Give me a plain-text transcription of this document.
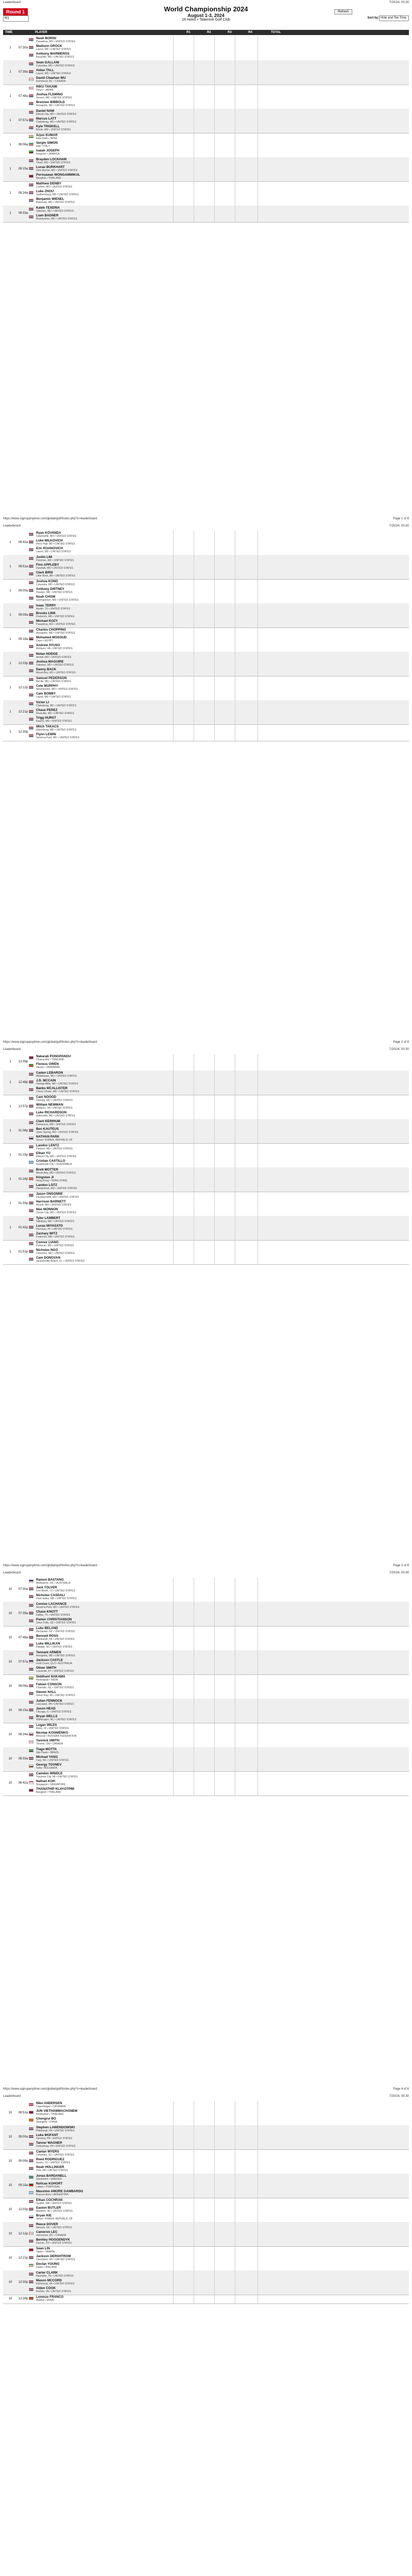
Leaderboard	7/20/24, 00:30
Round 1
R1
World Championship 2024
August 1-3, 2024
18 Holes • Talamore Golf Club
Refresh
Sort by: Hole and Tee Time
TIME	PLAYER	R1	R2	R3	R4	TOTAL
1	07:30a
Noah BORISI
Pasadena, MD • UNITED STATES
Madison GROCK
Laurel, MD • UNITED STATES
Anthony MARMEROS
Rockville, MD • UNITED STATES
1	07:39a
Sean GALLANI
Columbia, MD • UNITED STATES
Aidan TALL
Laurel, MD • UNITED STATES
David Chaehan WU
Richmond, BC • CANADA
1	07:48a
RIKU TAKAMI
Tokyo • JAPAN
Joshua FLEMING
Severn, MD • UNITED STATES
Brennen BIBBOLD
Annapolis, MD • UNITED STATES
1	07:57a
Daniel NAM
Ellicott City, MD • UNITED STATES
Marcus LATT
Clarksburg, MD • UNITED STATES
Kyle TRISKELL
Bowie, MD • UNITED STATES
1	08:06a
Arjun KUMAR
New Delhi • INDIA
Sergio SIMON
Italy • ITALY
Isaiah JOSEPH
Kingston • JAMAICA
1	08:15a
Brayden LOCKHAM
Olney, MD • UNITED STATES
Lucas BURKHART
Glen Burnie, MD • UNITED STATES
Pornsawan WONGAMMIKUL
Bangkok • THAILAND
1	08:24a
Matthew DENBY
Crofton, MD • UNITED STATES
Luke ZHOU
Gaithersburg, MD • UNITED STATES
Benjamin WIENEL
Bethesda, MD • UNITED STATES
1	08:33a
Kaleb TEXERIA
Odenton, MD • UNITED STATES
Liam BADNER
Brandywine, MD • UNITED STATES
https://www.signupanytime.com/global/golf/index.php?c=leaderboard	Page 1 of 6
Leaderboard	7/20/24, 00:30
1	08:42a
Ryan KOVANDA
Catonsville, MD • UNITED STATES
Luke MILKOVICH
Perry Hall, MD • UNITED STATES
Eric ROANOVICH
Laurel, MD • UNITED STATES
1	08:51a
Justin LIM
Potomac, MD • UNITED STATES
Finn APPLEBY
Dundalk, MD • UNITED STATES
Clark BIRD
Little Rock, AR • UNITED STATES
1	09:00a
Joshua KONG
Columbia, MD • UNITED STATES
Anthony DIRTNEY
Towson, MD • UNITED STATES
Noah CHOW
Germantown, MD • UNITED STATES
1	09:09a
Isaac TERRY
Austin, TX • UNITED STATES
Brooks LINK
Frederick, MD • UNITED STATES
Michael KOZY
Pasadena, MD • UNITED STATES
1	09:18a
Charles CHOPPING
Annapolis, MD • UNITED STATES
Mohamed MOSOUD
Cairo • EGYPT
Andrew AYUSO
Ashburn, VA • UNITED STATES
1	12:03p
Nolan HODGE
Arnold, MD • UNITED STATES
Joshua MAGUIRE
Odenton, MD • UNITED STATES
Danny BACK
Mount Airy, MD • UNITED STATES
1	12:12p
Samuel PEDERSON
Bel Air, MD • UNITED STATES
Cole MURPHY
Westminster, MD • UNITED STATES
Cam BOBBY
Laurel, MD • UNITED STATES
1	12:21p
Victor LI
Clarksburg, MD • UNITED STATES
Chase PEREZ
Rockville, MD • UNITED STATES
Trigg HURST
Easton, MD • UNITED STATES
1	12:30p
Mitch TAKACS
Eldersburg, MD • UNITED STATES
Flynn LEWIN
Severna Park, MD • UNITED STATES
https://www.signupanytime.com/global/golf/index.php?c=leaderboard	Page 2 of 6
Leaderboard	7/20/24, 00:30
1	12:39p
Nakarab PONGPANOU
Chiang Mai • THAILAND
Floreus OWEN
Harare • ZIMBABWE
1	12:48p
Caden LEBARON
Middletown, MD • UNITED STATES
J.D. MCCAIN
Owings Mills, MD • UNITED STATES
Banks MCALLISTER
Chevy Chase, MD • UNITED STATES
1	12:57p
Cam NOOOD
Glenelg, MD • UNITED STATES
William NEWMAN
Ashburn, VA • UNITED STATES
Luke RICHARDSON
Sykesville, MD • UNITED STATES
1	01:06p
Clark KERIHUM
Damascus, MD • UNITED STATES
Ben KAUTEUS
Silver Spring, MD • UNITED STATES
NATHAN PARK
Seoul • KOREA, REPUBLIC OF
1	01:15p
Landon LENTZ
Parkton, MD • UNITED STATES
Ethan YU
Ellicott City, MD • UNITED STATES
Cristian CASTILLO
Guatemala City • GUATEMALA
1	01:24p
Brett MOTTER
Mount Airy, MD • UNITED STATES
Kingston JI
Hong Kong • HONG KONG
Landon LOTZ
Hampstead, MD • UNITED STATES
1	01:33p
Jason ONSONNE
Davidsonville, MD • UNITED STATES
Harrison BARNETT
Arnold, MD • UNITED STATES
Max MONNON
Ocean City, MD • UNITED STATES
1	01:42p
Tyler LAMBERT
Salisbury, MD • UNITED STATES
Lucas MIYASATO
Honolulu, HI • UNITED STATES
Zachary WITZ
Frederick, MD • UNITED STATES
1	01:51p
Connor LIANG
Potomac, MD • UNITED STATES
Nicholas NGO
Columbia, MD • UNITED STATES
Cam DONOVAN
Jacksonville Beach, FL • UNITED STATES
https://www.signupanytime.com/global/golf/index.php?c=leaderboard	Page 3 of 6
Leaderboard	7/20/24, 00:30
10	07:30a
Ramon BASTANG
Melbourne, VIC • AUSTRALIA
Jack TOLVER
Fort Worth, TX • UNITED STATES
Nicholas CASDALI
Hunt Valley, MD • UNITED STATES
10	07:39a
Connor LACHANCE
Severna Park, MD • UNITED STATES
Chase KNOTT
Dallas, TX • UNITED STATES
Parker CHRISTIANSON
Sioux Falls, SD • UNITED STATES
10	07:48a
Luke BELAND
Rochester, NY • UNITED STATES
Bennett ROSS
Pittsburgh, PA • UNITED STATES
Luke MILLIKAN
Raleigh, NC • UNITED STATES
10	07:57a
Tennant ARMEN
Annapolis, MD • UNITED STATES
Jackson CASTLE
Gold Coast, QLD • AUSTRALIA
Oliver SMITH
Louisville, KY • UNITED STATES
10	08:06a
Siddhant NAKAMA
Hyderabad • INDIA
Fabian CONSON
Charlotte, NC • UNITED STATES
Steven NALL
Green Bay, WI • UNITED STATES
10	08:15a
Julian FENNOCK
Lancaster, PA • UNITED STATES
Jason HEAD
Chicago, IL • UNITED STATES
Bryan WELLS
Wilmington, NC • UNITED STATES
10	08:24a
Logan WILES
Boise, ID • UNITED STATES
Nicolae KOSNIENKO
Moscow • RUSSIAN FEDERATION
Yannick SMITH
Toronto, ON • CANADA
10	08:33a
Tiago MOTTA
São Paulo • BRAZIL
Michael YANG
Cary, NC • UNITED STATES
Georgy TOVNEV
Sofia • BULGARIA
10	08:42a
Camden WINDLE
Traverse City, MI • UNITED STATES
Nathan KOH
Singapore • SINGAPORE
THANATHIP KLAYOTPIM
Bangkok • THAILAND
https://www.signupanytime.com/global/golf/index.php?c=leaderboard	Page 4 of 6
Leaderboard	7/20/24, 00:30
10	08:51a
Niko ANDERSEN
Copenhagen • DENMARK
JUN VIETHAMMACHANEM
Nonthaburi • THAILAND
Chengrui BO
Shanghai • CHINA
10	09:00a
Stephen LAWENDOWSKI
Pittsburgh, PA • UNITED STATES
Luke MOFANT
Hershey, PA • UNITED STATES
Tanner WAGNER
Gettysburg, PA • UNITED STATES
10	09:09a
Caelan MYERS
Columbia, SC • UNITED STATES
Reed RODRIGUEZ
Austin, TX • UNITED STATES
Noah HOLLINGER
York, PA • UNITED STATES
10	09:18a
Jonas BARDANELL
Stockholm • SWEDEN
Nolicas KOHORT
Lisbon • PORTUGAL
Massimo AMORE GAMBARDO
Buenos Aires • ARGENTINA
10	12:03p
Ethan COCHRAN
Seattle, WA • UNITED STATES
Easton BUTLER
Madison, WI • UNITED STATES
Bryan KIE
Seoul • KOREA, REPUBLIC OF
10	12:12p
Reece DOVER
Newark, DE • UNITED STATES
Cameron LEC
Vancouver, BC • CANADA
Bentley HOGGENDYK
Denver, CO • UNITED STATES
10	12:21p
Sean LIN
Taipei • TAIWAN
Jackson DERSHTROM
Cleveland, OH • UNITED STATES
Declan YOUNG
Dublin • IRELAND
10	12:30p
Carter CLARK
Nashville, TN • UNITED STATES
Mason MCCORD
Richmond, VA • UNITED STATES
Alden COOK
Norfolk, VA • UNITED STATES
10	12:39p	Lorenzo FRANCO
Madrid • SPAIN
